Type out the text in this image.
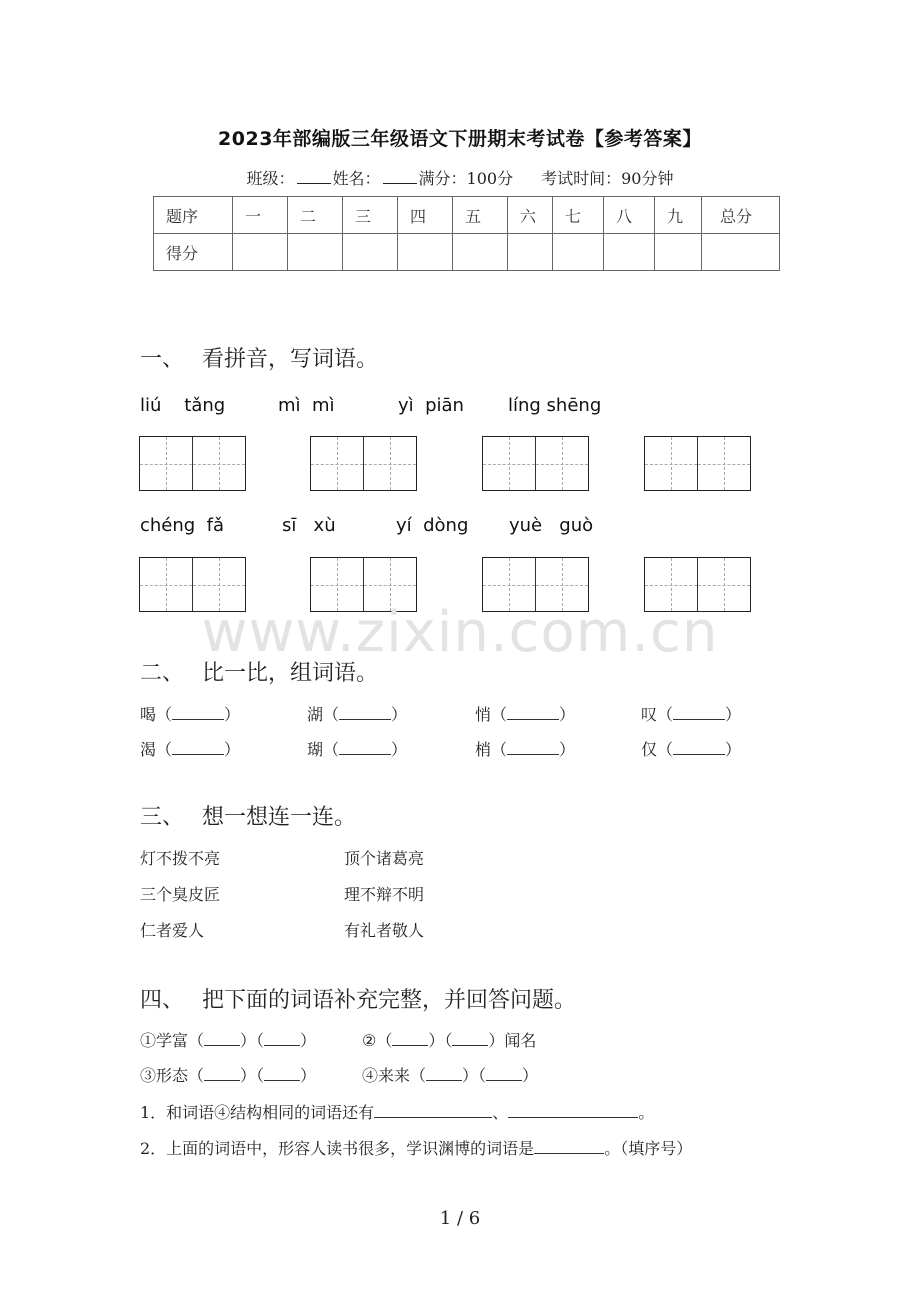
2023年部编版三年级语文下册期末考试卷【参考答案】
班级： 姓名： 满分：100分 考试时间：90分钟
题序	一	二	三	四	五	六	七	八	九	总分
得分										
一、 看拼音，写词语。
liú    tǎng	mì  mì	yì  piān líng shēng
chéng  fǎ	sī   xù	yí  dòng yuè   guò
www.zixin.com.cn
二、 比一比，组词语。
喝（	）	湖（	）	悄（	）	叹（	）
渴（	）	瑚（	）	梢（	）	仅（	）
三、 想一想连一连。
灯不拨不亮	顶个诸葛亮
三个臭皮匠	理不辩不明
仁者爱人	有礼者敬人
四、 把下面的词语补充完整，并回答问题。
①学富（ ）（ ）	②（ ）（ ）闻名
③形态（ ）（ ）	④来来（ ）（ ）
1．和词语④结构相同的词语还有	、	。
2．上面的词语中，形容人读书很多，学识渊博的词语是	。（填序号）
1 / 6
